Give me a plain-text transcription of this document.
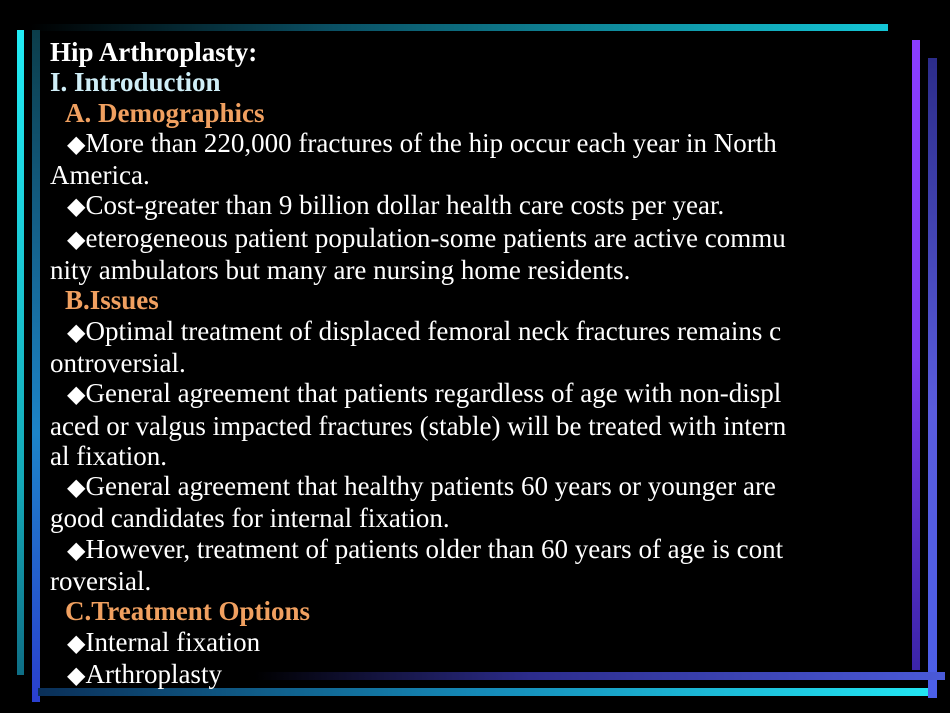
Hip Arthroplasty:
I. Introduction
A. Demographics
◆More than 220,000 fractures of the hip occur each year in North
America.
◆Cost-greater than 9 billion dollar health care costs per year.
◆eterogeneous patient population-some patients are active commu
nity ambulators but many are nursing home residents.
B.Issues
◆Optimal treatment of displaced femoral neck fractures remains c
ontroversial.
◆General agreement that patients regardless of age with non-displ
aced or valgus impacted fractures (stable) will be treated with intern
al fixation.
◆General agreement that healthy patients 60 years or younger are
good candidates for internal fixation.
◆However, treatment of patients older than 60 years of age is cont
roversial.
C.Treatment Options
◆Internal fixation
◆Arthroplasty
